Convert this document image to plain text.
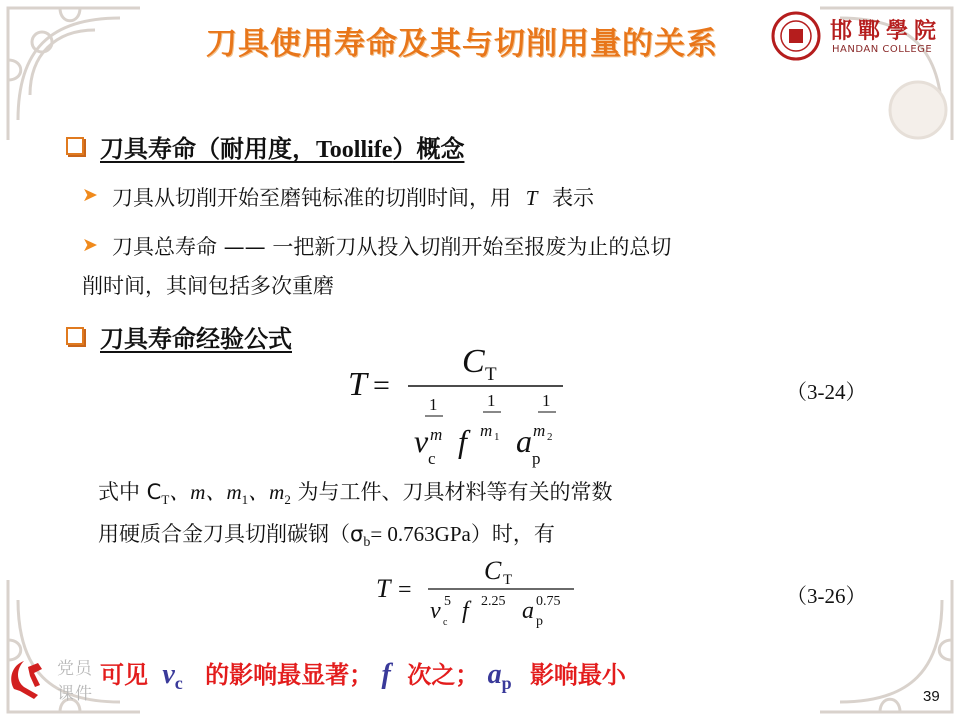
刀具使用寿命及其与切削用量的关系	邯鄲學院
HANDAN COLLEGE
刀具寿命（耐用度，Toollife）概念
➤ 刀具从切削开始至磨钝标准的切削时间，用 T 表示
➤ 刀具总寿命 —— 一把新刀从投入切削开始至报废为止的总切
削时间，其间包括多次重磨
刀具寿命经验公式
T =
C T
1	1	1
v m
c f m 1 a m 2
p
（3-24）
式中 $C_T$、m、$m_1$、$m_2$ 为与工件、刀具材料等有关的常数
用硬质合金刀具切削碳钢$(\sigma_b= 0.763GPa)$时，有
T =
C T
v 5
c f 2.25 a 0.75
p
（3-26）
可见 $v_c$ 的影响最显著； f 次之； $a_p$ 影响最小
党员
课件	39
